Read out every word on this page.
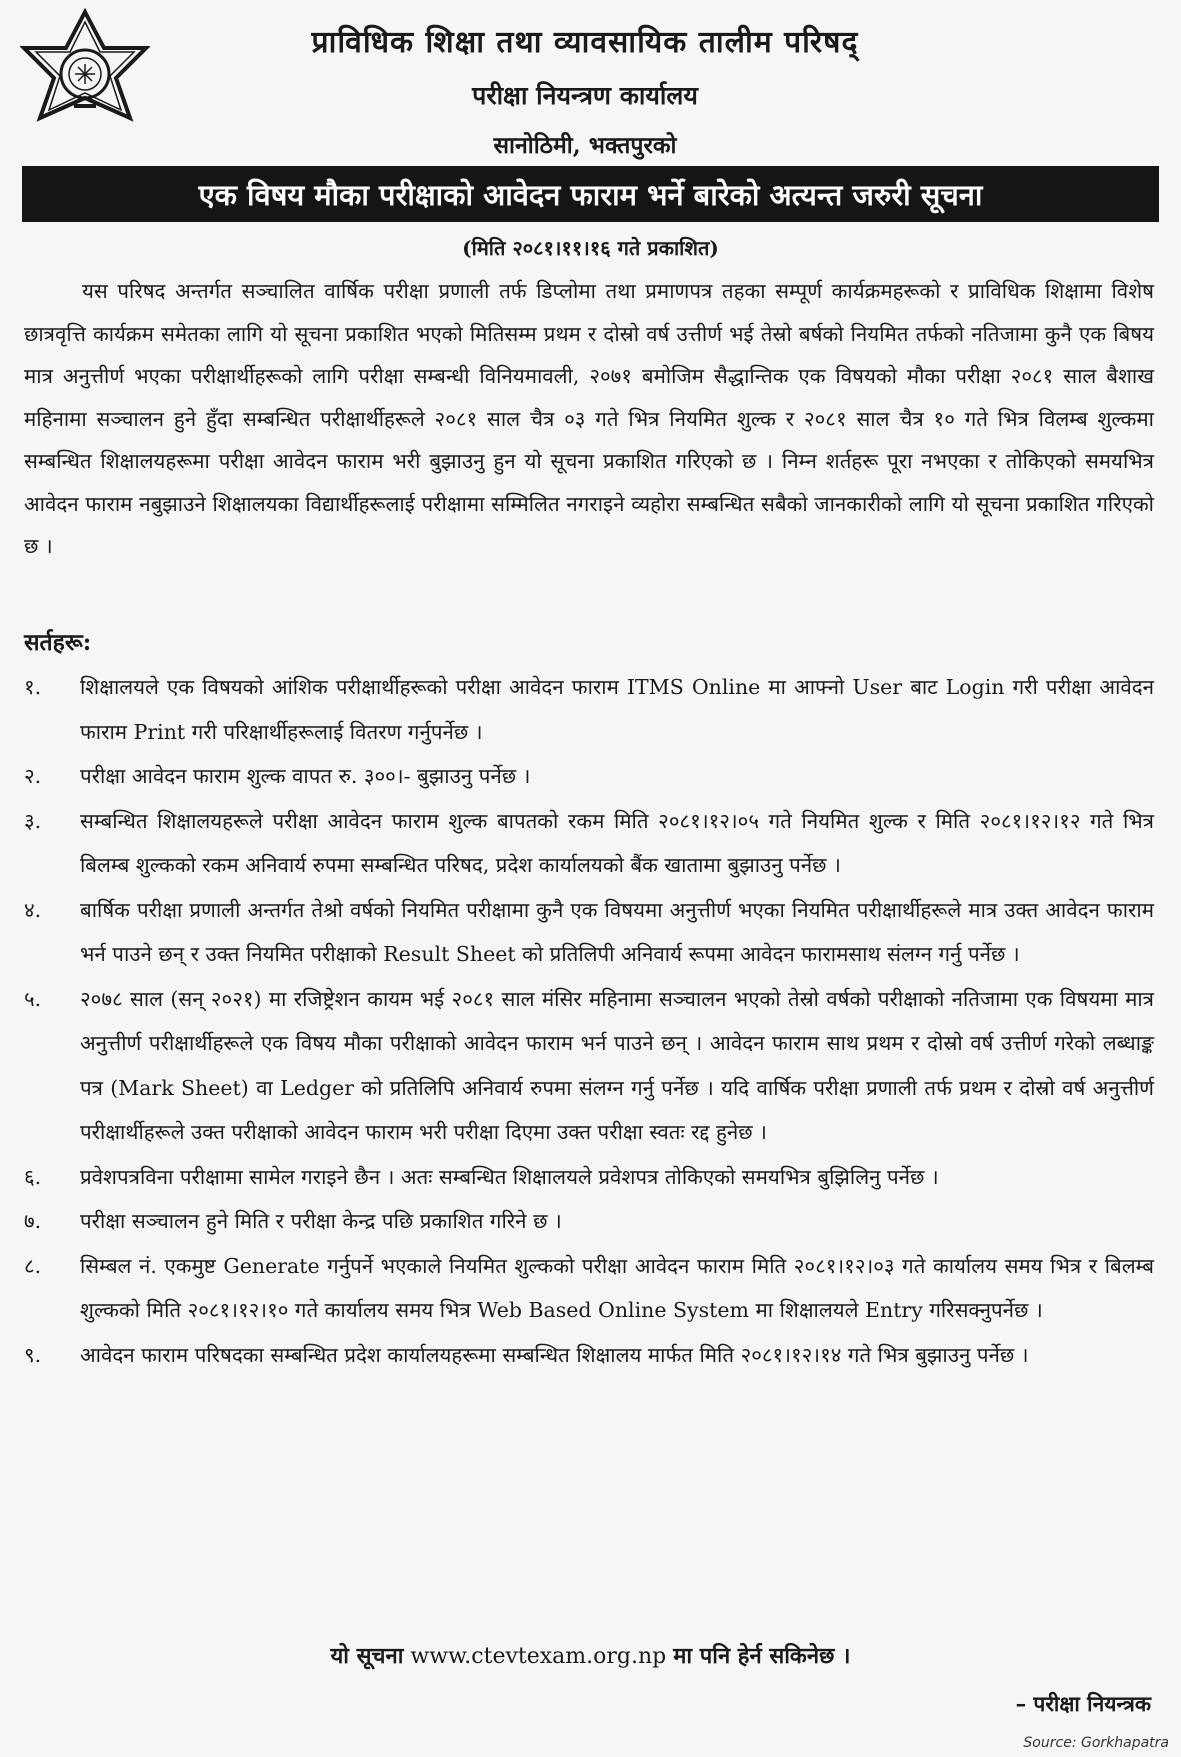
प्राविधिक शिक्षा तथा व्यावसायिक तालीम परिषद्
परीक्षा नियन्त्रण कार्यालय
सानोठिमी, भक्तपुरको
एक विषय मौका परीक्षाको आवेदन फाराम भर्ने बारेको अत्यन्त जरुरी सूचना
(मिति २०८१।११।१६ गते प्रकाशित)
यस परिषद अन्तर्गत सञ्चालित वार्षिक परीक्षा प्रणाली तर्फ डिप्लोमा तथा प्रमाणपत्र तहका सम्पूर्ण कार्यक्रमहरूको र प्राविधिक शिक्षामा विशेष छात्रवृत्ति कार्यक्रम समेतका लागि यो सूचना प्रकाशित भएको मितिसम्म प्रथम र दोस्रो वर्ष उत्तीर्ण भई तेस्रो बर्षको नियमित तर्फको नतिजामा कुनै एक बिषय मात्र अनुत्तीर्ण भएका परीक्षार्थीहरूको लागि परीक्षा सम्बन्धी विनियमावली, २०७१ बमोजिम सैद्धान्तिक एक विषयको मौका परीक्षा २०८१ साल बैशाख महिनामा सञ्चालन हुने हुँदा सम्बन्धित परीक्षार्थीहरूले २०८१ साल चैत्र ०३ गते भित्र नियमित शुल्क र २०८१ साल चैत्र १० गते भित्र विलम्ब शुल्कमा सम्बन्धित शिक्षालयहरूमा परीक्षा आवेदन फाराम भरी बुझाउनु हुन यो सूचना प्रकाशित गरिएको छ । निम्न शर्तहरू पूरा नभएका र तोकिएको समयभित्र आवेदन फाराम नबुझाउने शिक्षालयका विद्यार्थीहरूलाई परीक्षामा सम्मिलित नगराइने व्यहोरा सम्बन्धित सबैको जानकारीको लागि यो सूचना प्रकाशित गरिएको छ ।
सर्तहरू:
१.	शिक्षालयले एक विषयको आंशिक परीक्षार्थीहरूको परीक्षा आवेदन फाराम ITMS Online मा आफ्नो User बाट Login गरी परीक्षा आवेदन फाराम Print गरी परिक्षार्थीहरूलाई वितरण गर्नुपर्नेछ ।
२.	परीक्षा आवेदन फाराम शुल्क वापत रु. ३००।- बुझाउनु पर्नेछ ।
३.	सम्बन्धित शिक्षालयहरूले परीक्षा आवेदन फाराम शुल्क बापतको रकम मिति २०८१।१२।०५ गते नियमित शुल्क र मिति २०८१।१२।१२ गते भित्र बिलम्ब शुल्कको रकम अनिवार्य रुपमा सम्बन्धित परिषद, प्रदेश कार्यालयको बैंक खातामा बुझाउनु पर्नेछ ।
४.	बार्षिक परीक्षा प्रणाली अन्तर्गत तेश्रो वर्षको नियमित परीक्षामा कुनै एक विषयमा अनुत्तीर्ण भएका नियमित परीक्षार्थीहरूले मात्र उक्त आवेदन फाराम भर्न पाउने छन् र उक्त नियमित परीक्षाको Result Sheet को प्रतिलिपी अनिवार्य रूपमा आवेदन फारामसाथ संलग्न गर्नु पर्नेछ ।
५.	२०७८ साल (सन् २०२१) मा रजिष्ट्रेशन कायम भई २०८१ साल मंसिर महिनामा सञ्चालन भएको तेस्रो वर्षको परीक्षाको नतिजामा एक विषयमा मात्र अनुत्तीर्ण परीक्षार्थीहरूले एक विषय मौका परीक्षाको आवेदन फाराम भर्न पाउने छन् । आवेदन फाराम साथ प्रथम र दोस्रो वर्ष उत्तीर्ण गरेको लब्धाङ्क पत्र (Mark Sheet) वा Ledger को प्रतिलिपि अनिवार्य रुपमा संलग्न गर्नु पर्नेछ । यदि वार्षिक परीक्षा प्रणाली तर्फ प्रथम र दोस्रो वर्ष अनुत्तीर्ण परीक्षार्थीहरूले उक्त परीक्षाको आवेदन फाराम भरी परीक्षा दिएमा उक्त परीक्षा स्वतः रद्द हुनेछ ।
६.	प्रवेशपत्रविना परीक्षामा सामेल गराइने छैन । अतः सम्बन्धित शिक्षालयले प्रवेशपत्र तोकिएको समयभित्र बुझिलिनु पर्नेछ ।
७.	परीक्षा सञ्चालन हुने मिति र परीक्षा केन्द्र पछि प्रकाशित गरिने छ ।
८.	सिम्बल नं. एकमुष्ट Generate गर्नुपर्ने भएकाले नियमित शुल्कको परीक्षा आवेदन फाराम मिति २०८१।१२।०३ गते कार्यालय समय भित्र र बिलम्ब शुल्कको मिति २०८१।१२।१० गते कार्यालय समय भित्र Web Based Online System मा शिक्षालयले Entry गरिसक्नुपर्नेछ ।
९.	आवेदन फाराम परिषदका सम्बन्धित प्रदेश कार्यालयहरूमा सम्बन्धित शिक्षालय मार्फत मिति २०८१।१२।१४ गते भित्र बुझाउनु पर्नेछ ।
यो सूचना www.ctevtexam.org.np मा पनि हेर्न सकिनेछ ।
– परीक्षा नियन्त्रक
Source: Gorkhapatra
